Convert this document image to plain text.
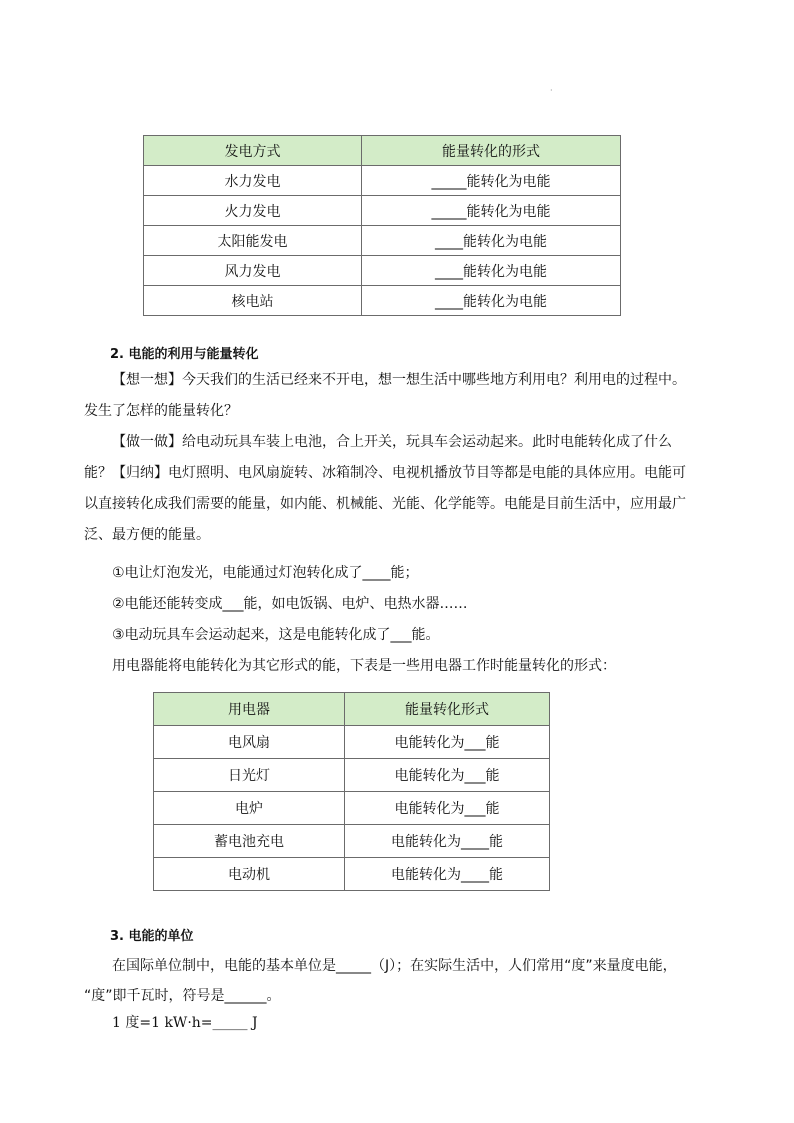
·
发电方式	能量转化的形式
水力发电	_____能转化为电能
火力发电	_____能转化为电能
太阳能发电	____能转化为电能
风力发电	____能转化为电能
核电站	____能转化为电能
2. 电能的利用与能量转化

【想一想】今天我们的生活已经来不开电，想一想生活中哪些地方利用电？利用电的过程中。发生了怎样的能量转化？

【做一做】给电动玩具车装上电池，合上开关，玩具车会运动起来。此时电能转化成了什么能？ 【归纳】电灯照明、电风扇旋转、冰箱制冷、电视机播放节目等都是电能的具体应用。电能可以直接转化成我们需要的能量，如内能、机械能、光能、化学能等。电能是目前生活中，应用最广泛、最方便的能量。

①电让灯泡发光，电能通过灯泡转化成了____能；
②电能还能转变成___能，如电饭锅、电炉、电热水器……
③电动玩具车会运动起来，这是电能转化成了___能。
用电器能将电能转化为其它形式的能，下表是一些用电器工作时能量转化的形式：
用电器	能量转化形式
电风扇	电能转化为___能
日光灯	电能转化为___能
电炉	电能转化为___能
蓄电池充电	电能转化为____能
电动机	电能转化为____能
3. 电能的单位
在国际单位制中，电能的基本单位是_____（J）；在实际生活中，人们常用“度”来量度电能，
“度”即千瓦时，符号是______。
1 度=1 kW·h=_____ J
